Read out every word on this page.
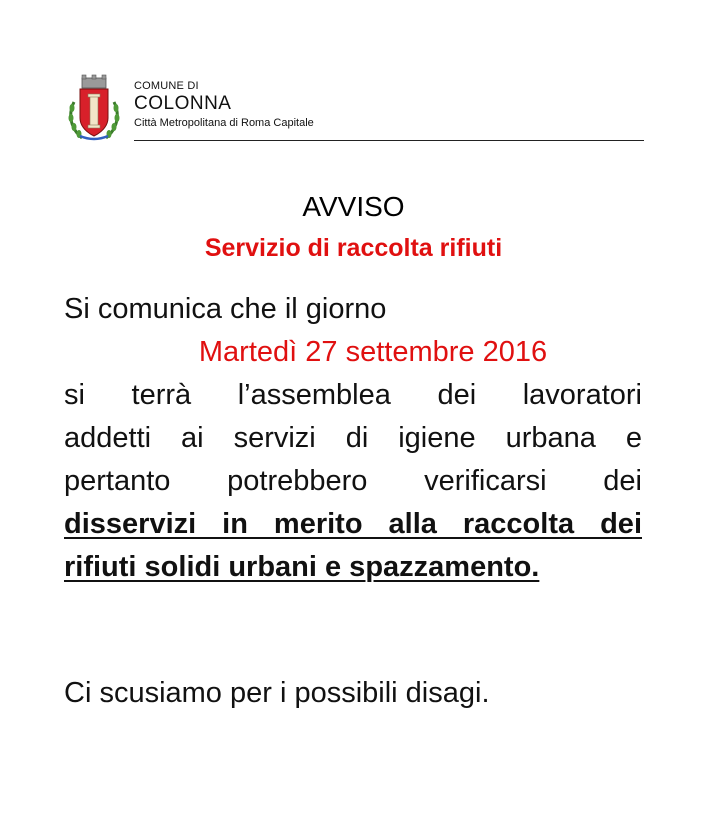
COMUNE DI
COLONNA
Città Metropolitana di Roma Capitale
AVVISO
Servizio di raccolta rifiuti
Si comunica che il giorno
Martedì 27 settembre 2016
si terrà l’assemblea dei lavoratori
addetti ai servizi di igiene urbana e
pertanto potrebbero verificarsi dei
disservizi in merito alla raccolta dei
rifiuti solidi urbani e spazzamento.
Ci scusiamo per i possibili disagi.
